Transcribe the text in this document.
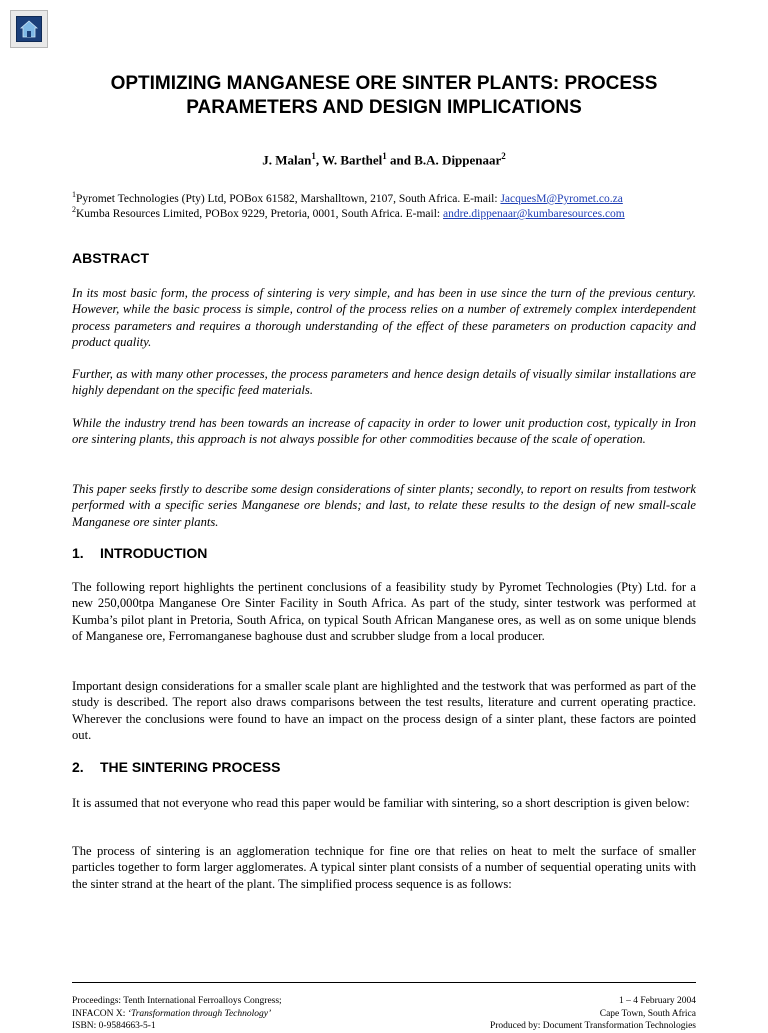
OPTIMIZING MANGANESE ORE SINTER PLANTS: PROCESS
PARAMETERS AND DESIGN IMPLICATIONS
J. Malan$^1$, W. Barthel$^1$ and B.A. Dippenaar$^2$
$^1$Pyromet Technologies (Pty) Ltd, POBox 61582, Marshalltown, 2107, South Africa. E-mail: JacquesM@Pyromet.co.za
$^2$Kumba Resources Limited, POBox 9229, Pretoria, 0001, South Africa. E-mail: andre.dippenaar@kumbaresources.com
ABSTRACT

In its most basic form, the process of sintering is very simple, and has been in use since the turn of the previous century. However, while the basic process is simple, control of the process relies on a number of extremely complex interdependent process parameters and requires a thorough understanding of the effect of these parameters on production capacity and product quality.

Further, as with many other processes, the process parameters and hence design details of visually similar installations are highly dependant on the specific feed materials.

While the industry trend has been towards an increase of capacity in order to lower unit production cost, typically in Iron ore sintering plants, this approach is not always possible for other commodities because of the scale of operation.

This paper seeks firstly to describe some design considerations of sinter plants; secondly, to report on results from testwork performed with a specific series Manganese ore blends; and last, to relate these results to the design of new small-scale Manganese ore sinter plants.

1. INTRODUCTION

The following report highlights the pertinent conclusions of a feasibility study by Pyromet Technologies (Pty) Ltd. for a new 250,000tpa Manganese Ore Sinter Facility in South Africa. As part of the study, sinter testwork was performed at Kumba’s pilot plant in Pretoria, South Africa, on typical South African Manganese ores, as well as on some unique blends of Manganese ore, Ferromanganese baghouse dust and scrubber sludge from a local producer.

Important design considerations for a smaller scale plant are highlighted and the testwork that was performed as part of the study is described. The report also draws comparisons between the test results, literature and current operating practice. Wherever the conclusions were found to have an impact on the process design of a sinter plant, these factors are pointed out.

2. THE SINTERING PROCESS

It is assumed that not everyone who read this paper would be familiar with sintering, so a short description is given below:

The process of sintering is an agglomeration technique for fine ore that relies on heat to melt the surface of smaller particles together to form larger agglomerates. A typical sinter plant consists of a number of sequential operating units with the sinter strand at the heart of the plant. The simplified process sequence is as follows:

Proceedings: Tenth International Ferroalloys Congress;
INFACON X: ‘Transformation through Technology’
ISBN: 0-9584663-5-1
1 – 4 February 2004
Cape Town, South Africa
Produced by: Document Transformation Technologies
